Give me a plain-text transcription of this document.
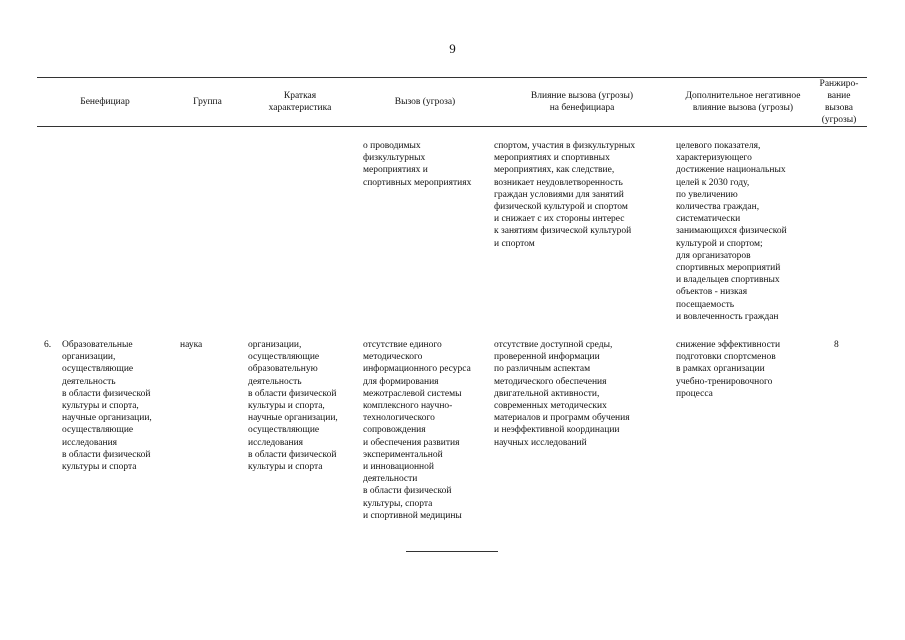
9
Бенефициар	Группа
Краткая
характеристика
Вызов (угроза)
Влияние вызова (угрозы)
на бенефициара
Дополнительное негативное
влияние вызова (угрозы)
Ранжиро-
вание
вызова
(угрозы)
о проводимых
физкультурных
мероприятиях и
спортивных мероприятиях
спортом, участия в физкультурных
мероприятиях и спортивных
мероприятиях, как следствие,
возникает неудовлетворенность
граждан условиями для занятий
физической культурой и спортом
и снижает с их стороны интерес
к занятиям физической культурой
и спортом
целевого показателя,
характеризующего
достижение национальных
целей к 2030 году,
по увеличению
количества граждан,
систематически
занимающихся физической
культурой и спортом;
для организаторов
спортивных мероприятий
и владельцев спортивных
объектов - низкая
посещаемость
и вовлеченность граждан
6. Образовательные
организации,
осуществляющие
деятельность
в области физической
культуры и спорта,
научные организации,
осуществляющие
исследования
в области физической
культуры и спорта
наука	организации,
осуществляющие
образовательную
деятельность
в области физической
культуры и спорта,
научные организации,
осуществляющие
исследования
в области физической
культуры и спорта
отсутствие единого
методического
информационного ресурса
для формирования
межотраслевой системы
комплексного научно-
технологического
сопровождения
и обеспечения развития
экспериментальной
и инновационной
деятельности
в области физической
культуры, спорта
и спортивной медицины
отсутствие доступной среды,
проверенной информации
по различным аспектам
методического обеспечения
двигательной активности,
современных методических
материалов и программ обучения
и неэффективной координации
научных исследований
снижение эффективности
подготовки спортсменов
в рамках организации
учебно-тренировочного
процесса
8
